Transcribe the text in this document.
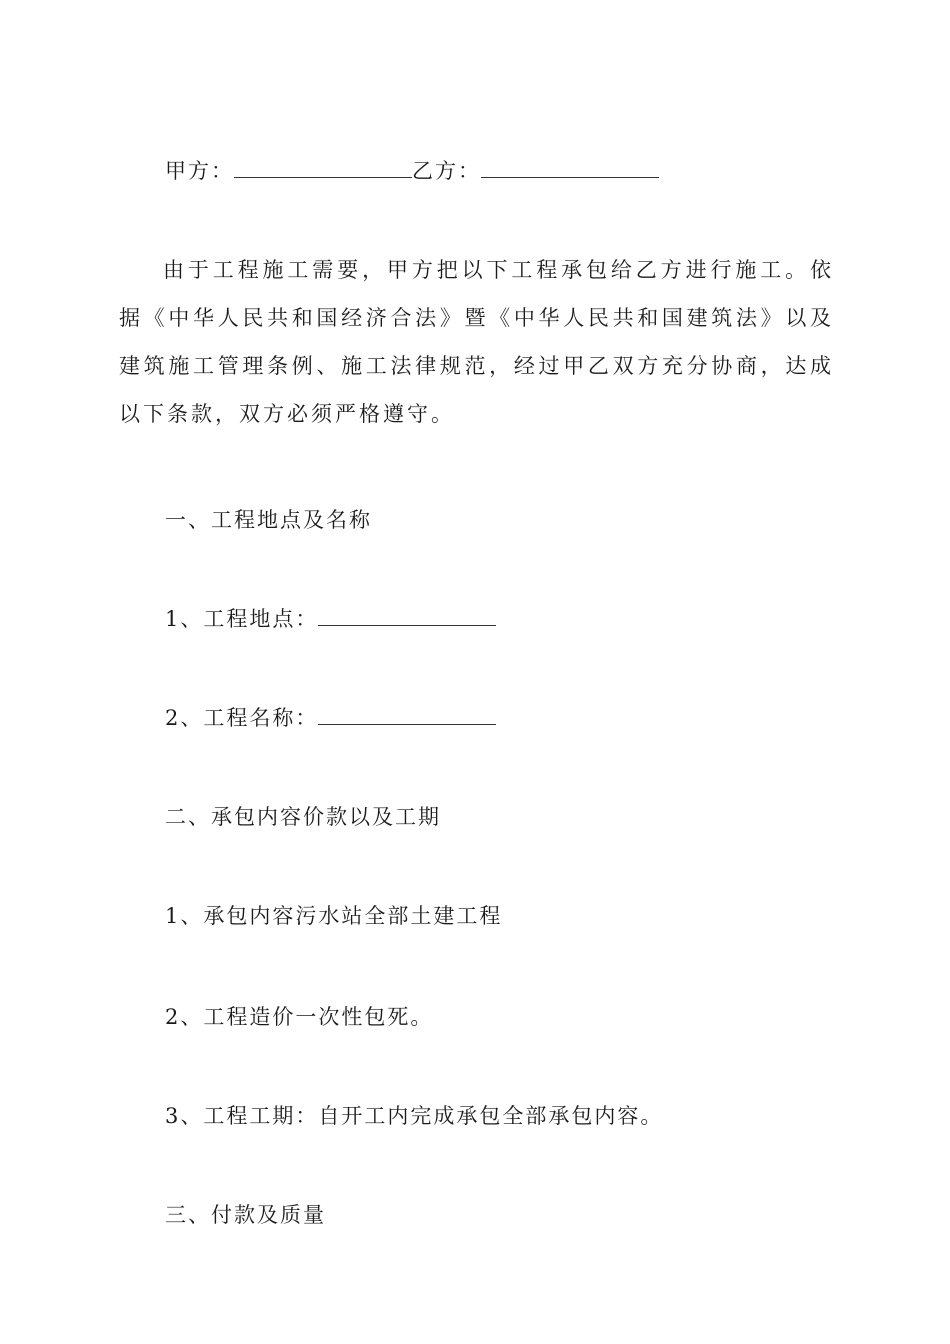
甲方：	乙方：
由于工程施工需要，甲方把以下工程承包给乙方进行施工。依据《中华人民共和国经济合法》暨《中华人民共和国建筑法》以及建筑施工管理条例、施工法律规范，经过甲乙双方充分协商，达成以下条款，双方必须严格遵守。
一、工程地点及名称
1、工程地点：
2、工程名称：
二、承包内容价款以及工期
1、承包内容污水站全部土建工程
2、工程造价一次性包死。
3、工程工期：自开工内完成承包全部承包内容。
三、付款及质量
